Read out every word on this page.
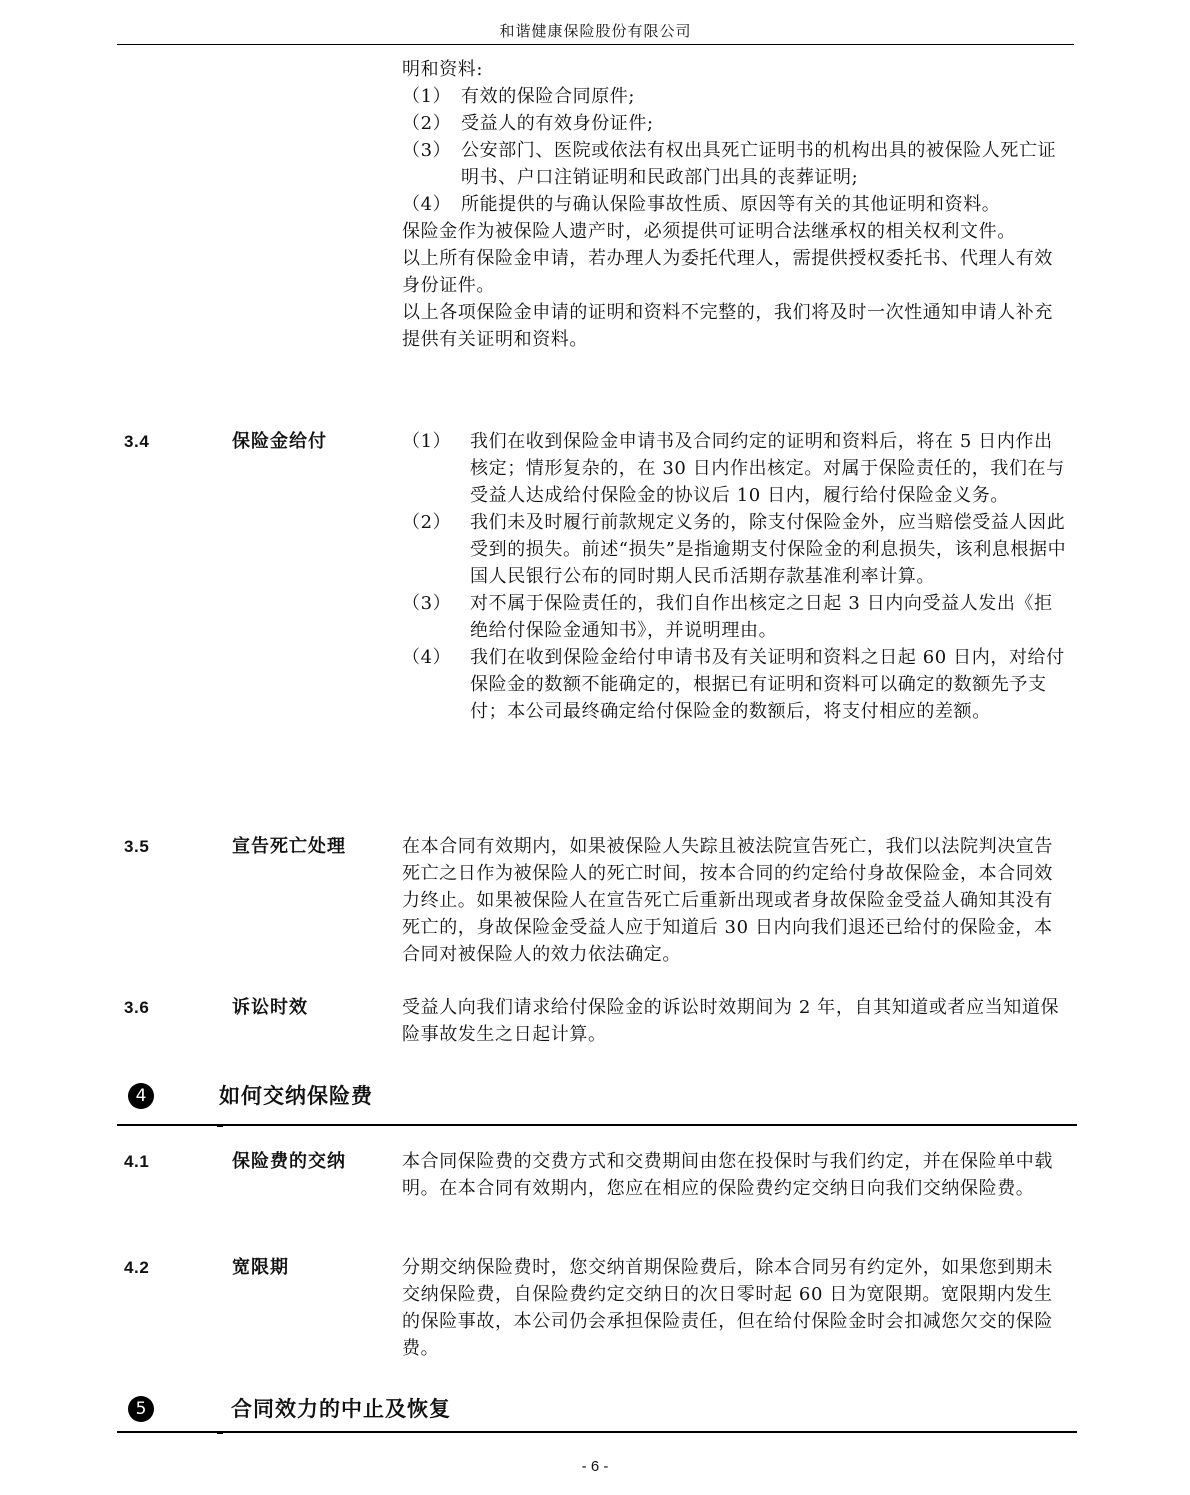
和谐健康保险股份有限公司

明和资料:

（1） 有效的保险合同原件;
（2） 受益人的有效身份证件;
（3） 公安部门、医院或依法有权出具死亡证明书的机构出具的被保险人死亡证明书、户口注销证明和民政部门出具的丧葬证明;
（4） 所能提供的与确认保险事故性质、原因等有关的其他证明和资料。

保险金作为被保险人遗产时，必须提供可证明合法继承权的相关权利文件。

以上所有保险金申请，若办理人为委托代理人，需提供授权委托书、代理人有效身份证件。

以上各项保险金申请的证明和资料不完整的，我们将及时一次性通知申请人补充提供有关证明和资料。

3.4	保险金给付	（1）	我们在收到保险金申请书及合同约定的证明和资料后，将在 5 日内作出核定；情形复杂的，在 30 日内作出核定。对属于保险责任的，我们在与受益人达成给付保险金的协议后 10 日内，履行给付保险金义务。
（2）	我们未及时履行前款规定义务的，除支付保险金外，应当赔偿受益人因此受到的损失。前述“损失”是指逾期支付保险金的利息损失，该利息根据中国人民银行公布的同时期人民币活期存款基准利率计算。
（3）	对不属于保险责任的，我们自作出核定之日起 3 日内向受益人发出《拒绝给付保险金通知书》，并说明理由。
（4）	我们在收到保险金给付申请书及有关证明和资料之日起 60 日内，对给付保险金的数额不能确定的，根据已有证明和资料可以确定的数额先予支付；本公司最终确定给付保险金的数额后，将支付相应的差额。
3.5	宣告死亡处理	在本合同有效期内，如果被保险人失踪且被法院宣告死亡，我们以法院判决宣告死亡之日作为被保险人的死亡时间，按本合同的约定给付身故保险金，本合同效力终止。如果被保险人在宣告死亡后重新出现或者身故保险金受益人确知其没有死亡的，身故保险金受益人应于知道后 30 日内向我们退还已给付的保险金，本合同对被保险人的效力依法确定。

3.6	诉讼时效	受益人向我们请求给付保险金的诉讼时效期间为 2 年，自其知道或者应当知道保险事故发生之日起计算。

4	如何交纳保险费
4.1	保险费的交纳	本合同保险费的交费方式和交费期间由您在投保时与我们约定，并在保险单中载明。在本合同有效期内，您应在相应的保险费约定交纳日向我们交纳保险费。

4.2	宽限期	分期交纳保险费时，您交纳首期保险费后，除本合同另有约定外，如果您到期未交纳保险费，自保险费约定交纳日的次日零时起 60 日为宽限期。宽限期内发生的保险事故，本公司仍会承担保险责任，但在给付保险金时会扣减您欠交的保险费。

5	合同效力的中止及恢复
- 6 -
